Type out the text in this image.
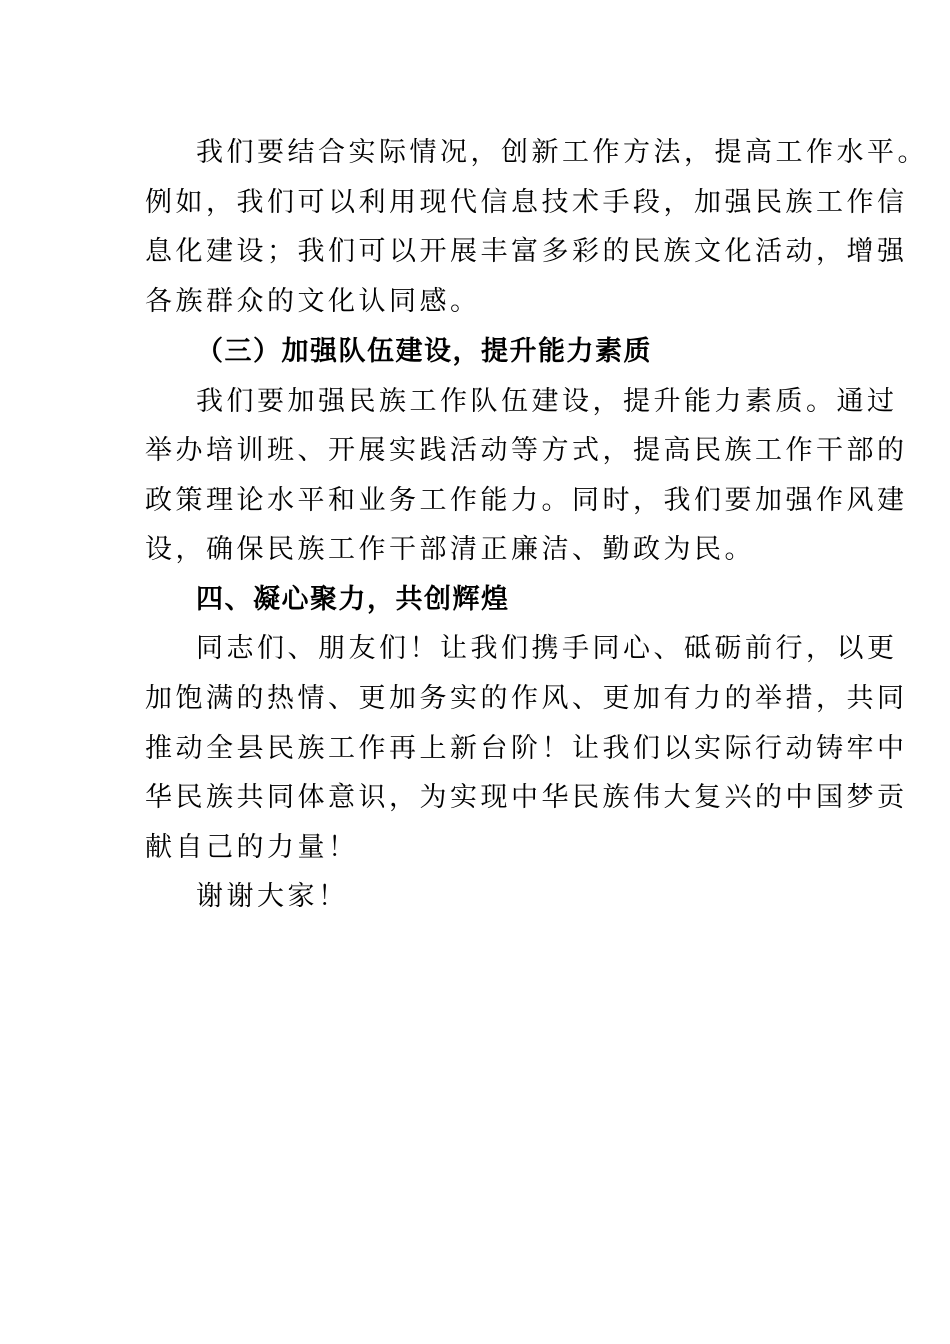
我们要结合实际情况，创新工作方法，提高工作水平。
例如，我们可以利用现代信息技术手段，加强民族工作信
息化建设；我们可以开展丰富多彩的民族文化活动，增强
各族群众的文化认同感。
（三）加强队伍建设，提升能力素质
我们要加强民族工作队伍建设，提升能力素质。通过
举办培训班、开展实践活动等方式，提高民族工作干部的
政策理论水平和业务工作能力。同时，我们要加强作风建
设，确保民族工作干部清正廉洁、勤政为民。
四、凝心聚力，共创辉煌
同志们、朋友们！让我们携手同心、砥砺前行，以更
加饱满的热情、更加务实的作风、更加有力的举措，共同
推动全县民族工作再上新台阶！让我们以实际行动铸牢中
华民族共同体意识，为实现中华民族伟大复兴的中国梦贡
献自己的力量！
谢谢大家！
